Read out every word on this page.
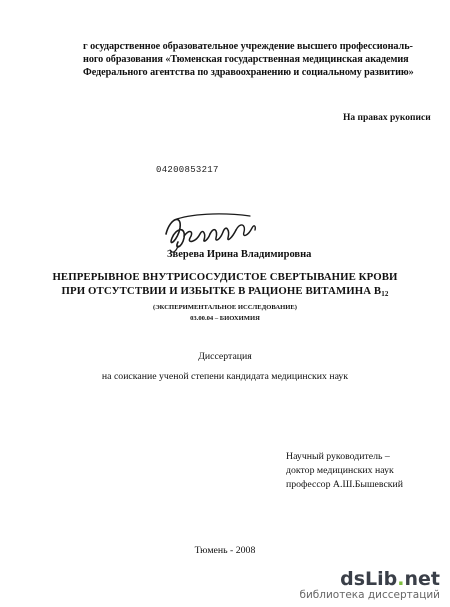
г осударственное образовательное учреждение высшего профессиональ-
ного образования «Тюменская государственная медицинская академия
Федерального агентства по здравоохранению и социальному развитию»
На правах рукописи
04200853217
Зверева Ирина Владимировна
НЕПРЕРЫВНОЕ ВНУТРИСОСУДИСТОЕ СВЕРТЫВАНИЕ КРОВИ
ПРИ ОТСУТСТВИИ И ИЗБЫТКЕ В РАЦИОНЕ ВИТАМИНА $В_{12}$
(ЭКСПЕРИМЕНТАЛЬНОЕ ИССЛЕДОВАНИЕ)
03.00.04 – БИОХИМИЯ
Диссертация
на соискание ученой степени кандидата медицинских наук
Научный руководитель –
доктор медицинских наук
профессор А.Ш.Бышевский
Тюмень - 2008
dsLib.net
библиотека диссертаций
